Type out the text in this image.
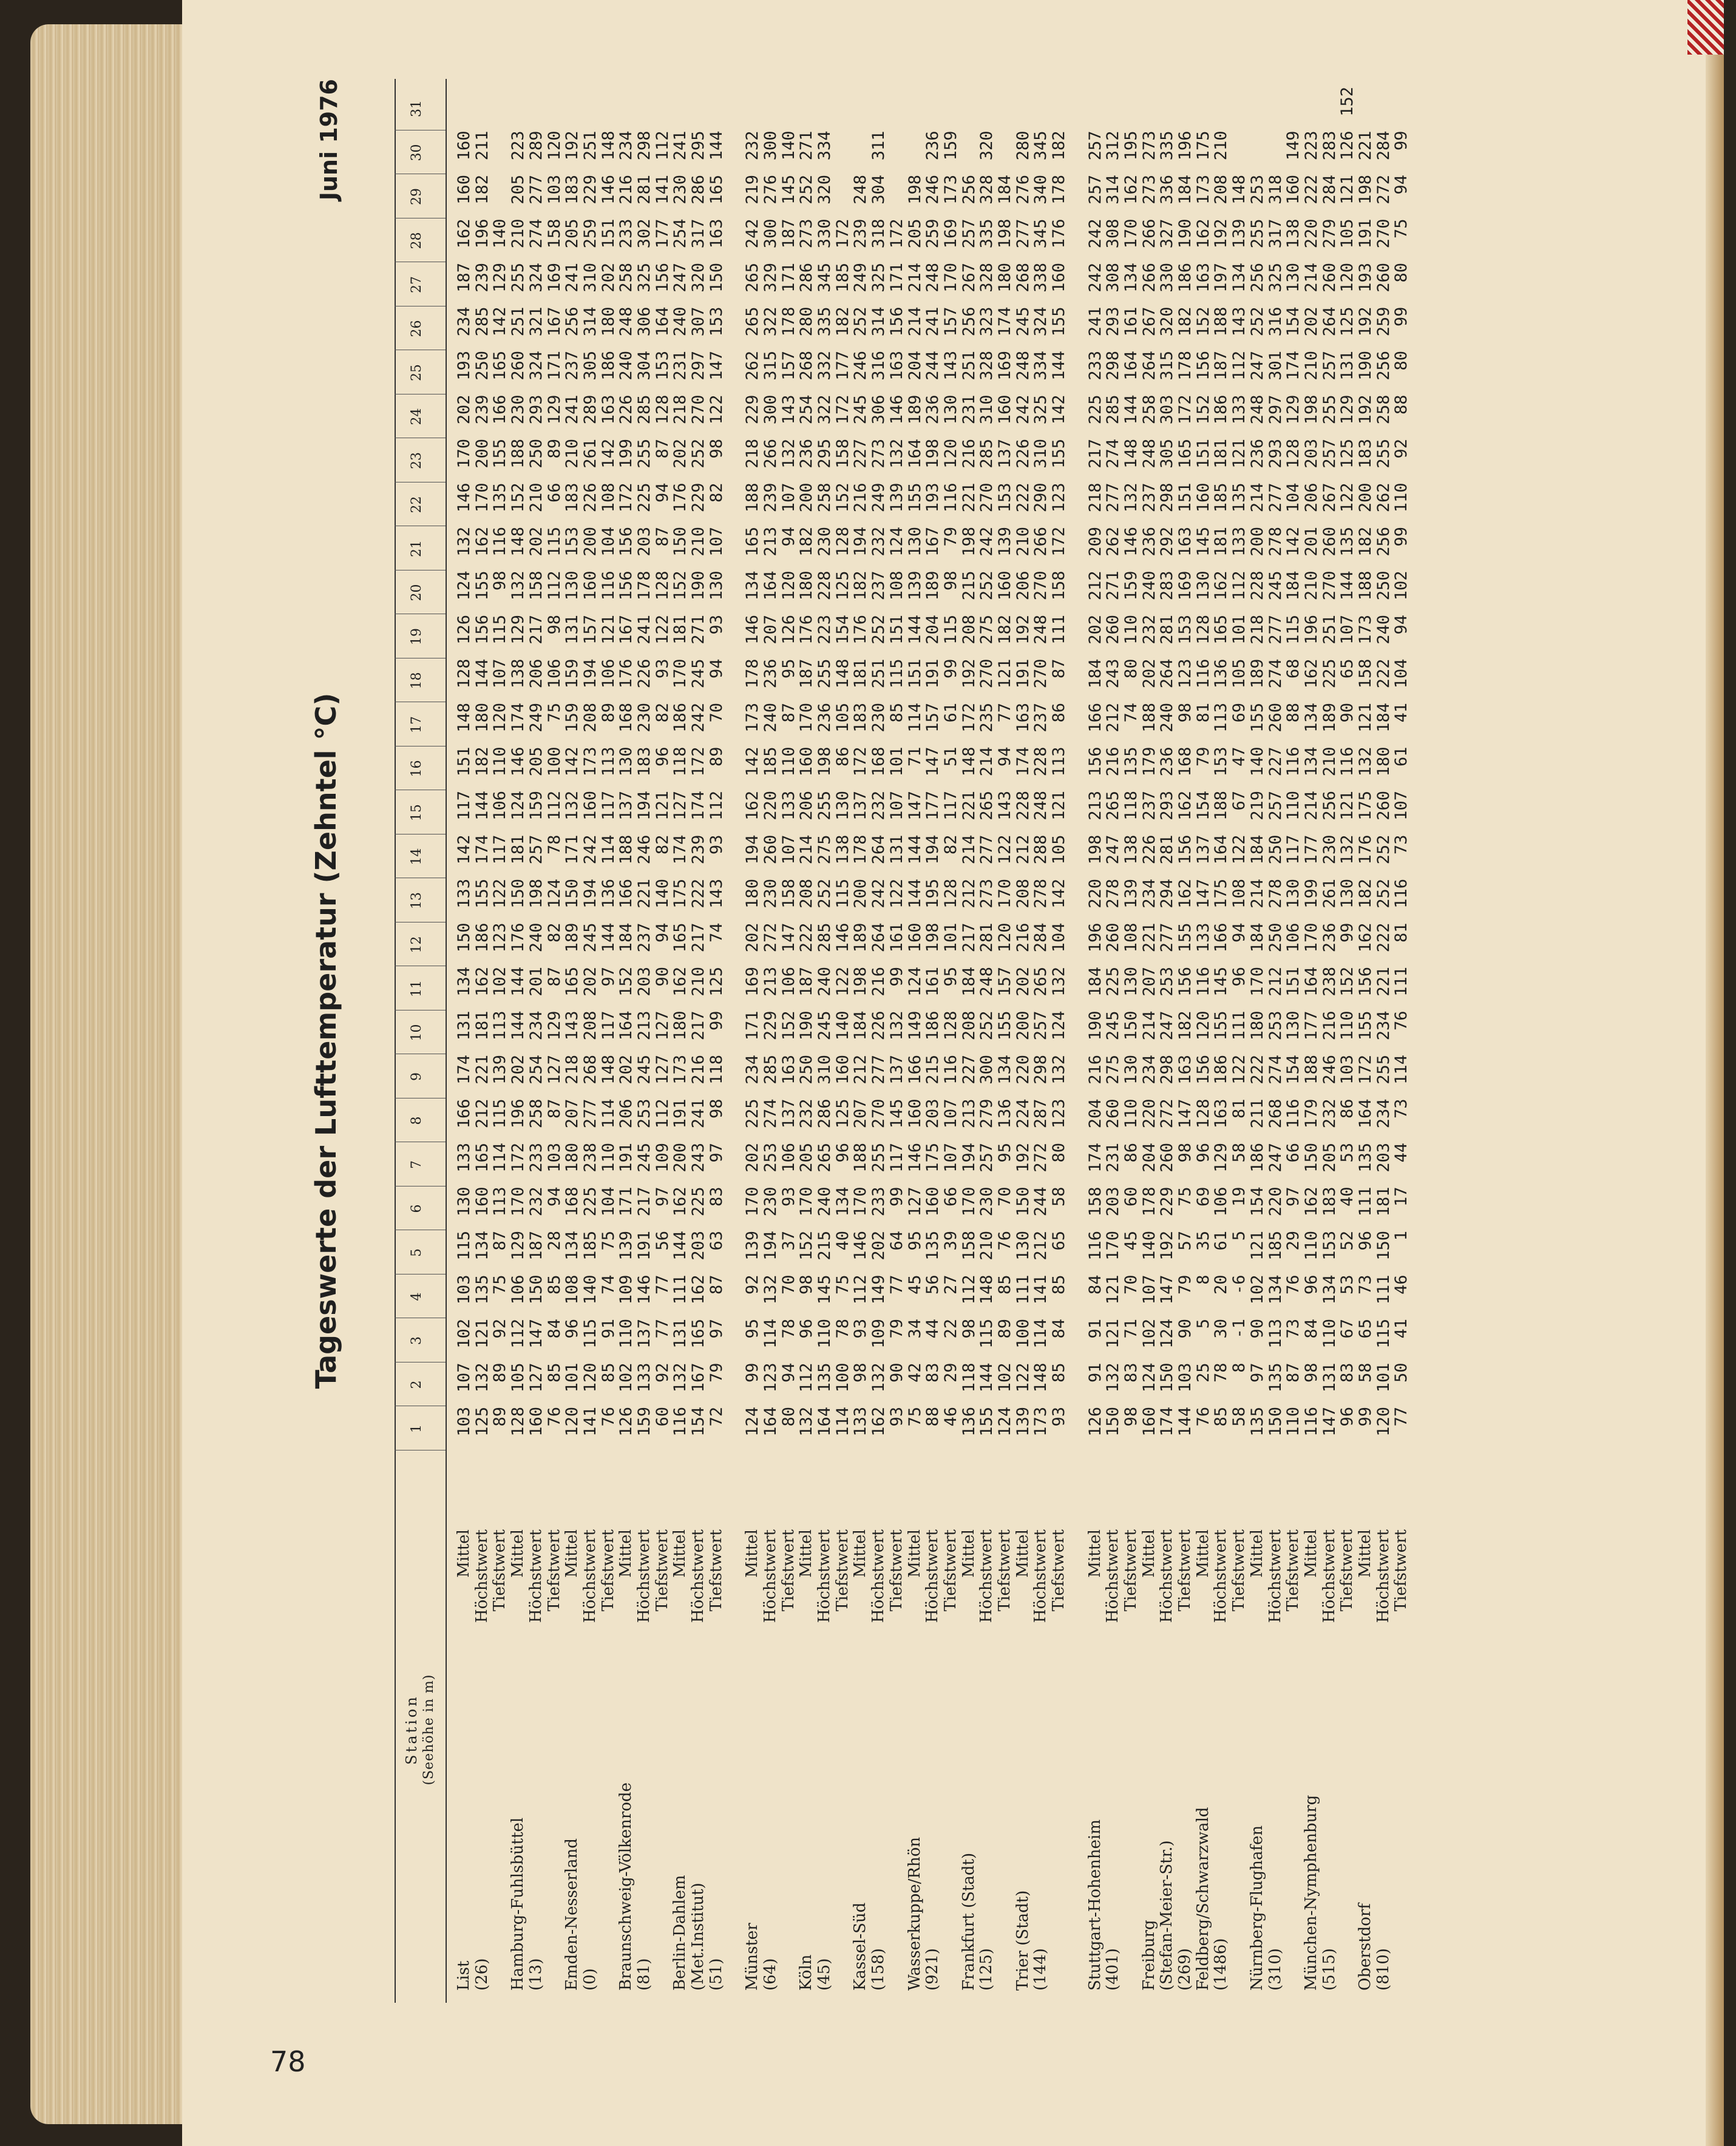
78
Tageswerte der Lufttemperatur (Zehntel °C)
Juni 1976
Station (Seehöhe in m)
1
2
3
4
5
6
7
8
9
10
11
12
13
14
15
16
17
18
19
20
21
22
23
24
25
26
27
28
29
30
31
List
Mittel
103
107
102
103
115
130
133
166
174
131
134
150
133
142
117
151
148
128
126
124
132
146
170
202
193
234
187
162
160
160
(26)
Höchstwert
125
132
121
135
134
160
165
212
221
181
162
186
155
174
144
182
180
144
156
155
162
170
200
239
250
285
239
196
182
211
Tiefstwert
89
89
92
75
87
113
114
115
139
113
102
123
122
117
106
110
120
107
115
98
116
135
155
166
165
142
129
140
Hamburg-Fuhlsbüttel
Mittel
128
105
112
106
129
170
172
196
202
144
144
176
150
181
124
146
174
138
129
132
148
152
188
230
260
251
255
210
205
223
(13)
Höchstwert
160
127
147
150
187
232
233
258
254
234
201
240
198
257
159
205
249
206
217
158
202
210
250
293
324
321
324
274
277
289
Tiefstwert
76
85
84
85
28
94
103
87
127
129
87
82
124
78
112
100
75
106
98
112
115
66
89
129
171
167
169
158
103
120
Emden-Nesserland
Mittel
120
101
96
108
134
168
180
207
218
143
165
189
150
171
132
142
159
159
131
130
153
183
210
241
237
256
241
205
183
192
(0)
Höchstwert
141
120
115
140
185
225
238
277
268
208
202
245
194
242
160
173
208
194
157
160
200
226
261
289
305
314
310
259
229
251
Tiefstwert
76
85
91
74
75
104
110
114
148
117
97
144
136
114
117
113
89
106
121
116
104
108
142
163
186
180
202
151
146
148
Braunschweig-Völkenrode
Mittel
126
102
110
109
139
171
191
206
202
164
152
184
166
188
137
130
168
176
167
156
156
172
199
226
240
248
258
233
216
234
(81)
Höchstwert
159
133
137
146
191
217
245
253
245
213
203
237
221
246
194
183
230
226
241
178
203
225
255
285
304
306
325
302
281
298
Tiefstwert
60
92
77
77
56
97
109
112
127
127
90
94
140
82
121
96
82
93
122
128
87
94
87
128
153
164
156
177
141
112
Berlin-Dahlem
Mittel
116
132
131
111
144
162
200
191
173
180
162
165
175
174
127
118
186
170
181
152
150
176
202
218
231
240
247
254
230
241
(Met.Institut)
Höchstwert
154
167
165
162
203
225
243
241
216
217
210
217
222
239
174
172
242
245
271
190
210
229
252
270
297
307
320
317
286
295
(51)
Tiefstwert
72
79
97
87
63
83
97
98
118
99
125
74
143
93
112
89
70
94
93
130
107
82
98
122
147
153
150
163
165
144
Münster
Mittel
124
99
95
92
139
170
202
225
234
171
169
202
180
194
162
142
173
178
146
134
165
188
218
229
262
265
265
242
219
232
(64)
Höchstwert
164
123
114
132
194
230
253
274
285
229
213
272
230
260
220
185
240
236
207
164
213
239
266
300
315
322
329
300
276
300
Tiefstwert
80
94
78
70
37
93
106
137
163
152
106
147
158
107
133
110
87
95
126
120
94
107
132
143
157
178
171
187
145
140
Köln
Mittel
132
112
96
98
152
170
205
232
250
190
187
222
208
214
206
160
170
187
176
180
182
200
236
254
268
280
286
273
252
271
(45)
Höchstwert
164
135
110
145
215
240
265
286
310
245
240
285
252
275
255
198
236
255
223
228
230
258
295
322
332
335
345
330
320
334
Tiefstwert
114
100
78
75
40
134
96
125
160
140
122
146
115
138
130
86
105
148
154
125
128
152
158
172
177
182
185
172
Kassel-Süd
Mittel
133
98
93
112
146
170
188
207
212
184
198
189
200
178
137
172
183
181
176
182
194
216
227
245
246
252
249
239
248
(158)
Höchstwert
162
132
109
149
202
233
255
270
277
226
216
264
242
264
232
168
230
251
252
237
232
249
273
306
316
314
325
318
304
311
Tiefstwert
93
90
79
77
64
99
117
145
137
132
99
161
122
131
107
101
85
115
151
108
124
139
132
146
163
156
171
172
Wasserkuppe/Rhön
Mittel
75
42
34
45
95
127
146
160
166
149
124
160
144
144
147
71
114
151
144
139
130
155
164
189
204
214
214
205
198
(921)
Höchstwert
88
83
44
56
135
160
175
203
215
186
161
198
195
194
177
147
157
191
204
189
167
193
198
236
244
241
248
259
246
236
Tiefstwert
46
29
22
27
39
66
107
107
116
128
95
101
128
82
117
51
61
99
115
98
79
116
120
130
143
157
170
169
173
159
Frankfurt (Stadt)
Mittel
136
118
98
112
158
170
194
213
227
208
184
217
212
214
221
148
172
192
208
215
198
221
216
231
251
256
267
257
256
(125)
Höchstwert
155
144
115
148
210
230
257
279
300
252
248
281
273
277
265
214
235
270
275
252
242
270
285
310
328
323
328
335
328
320
Tiefstwert
124
102
89
85
76
70
95
136
134
155
157
120
170
122
143
94
77
121
182
160
139
153
137
160
169
174
180
198
184
Trier (Stadt)
Mittel
139
122
100
111
130
150
192
224
220
200
202
216
208
212
228
174
163
191
192
206
210
222
226
242
248
245
268
277
276
280
(144)
Höchstwert
173
148
114
141
212
244
272
287
298
257
265
284
278
288
248
228
237
270
248
270
266
290
310
325
334
324
338
345
340
345
Tiefstwert
93
85
84
85
65
58
80
123
132
124
132
104
142
105
121
113
86
87
111
158
172
123
155
142
144
155
160
176
178
182
Stuttgart-Hohenheim
Mittel
126
91
91
84
116
158
174
204
216
190
184
196
220
198
213
156
166
184
202
212
209
218
217
225
233
241
242
242
257
257
(401)
Höchstwert
150
132
121
121
170
203
231
260
275
245
225
260
278
247
265
216
212
243
260
271
262
277
274
285
298
293
308
308
314
312
Tiefstwert
98
83
71
70
45
60
86
110
130
150
130
108
139
138
118
135
74
80
110
159
146
132
148
144
164
161
134
170
162
195
Freiburg
Mittel
160
124
102
107
140
178
204
220
234
214
207
221
234
226
237
179
188
202
232
240
236
237
248
258
264
267
266
266
273
273
(Stefan-Meier-Str.)
Höchstwert
174
150
124
147
192
229
260
272
298
247
253
277
294
281
293
236
240
264
281
283
292
298
305
303
315
320
330
327
336
335
(269)
Tiefstwert
144
103
90
79
57
75
98
147
163
182
156
155
162
156
162
168
98
123
153
169
163
151
165
172
178
182
186
190
184
196
Feldberg/Schwarzwald
Mittel
76
25
5
8
35
69
96
128
156
120
116
133
147
137
154
79
81
116
128
130
145
160
151
152
156
152
163
162
173
175
(1486)
Höchstwert
85
78
30
20
61
106
129
163
186
155
145
166
175
164
188
153
113
136
165
162
181
185
181
186
187
188
197
192
208
210
Tiefstwert
58
8
-1
-6
5
19
58
81
122
111
96
94
108
122
67
47
69
105
101
112
133
135
121
133
112
143
134
139
148
Nürnberg-Flughafen
Mittel
135
97
90
102
121
154
186
211
222
180
170
184
214
184
219
140
155
189
218
228
200
214
236
248
247
252
256
255
253
(310)
Höchstwert
150
135
113
134
185
220
247
268
274
253
212
250
278
250
257
227
260
274
277
245
278
277
293
297
301
316
325
317
318
Tiefstwert
110
87
73
76
29
97
66
116
154
130
151
106
130
117
110
116
88
68
115
184
142
104
128
129
174
154
130
138
160
149
München-Nymphenburg
Mittel
116
98
84
96
110
162
150
179
188
177
164
170
199
177
214
134
134
162
196
210
201
206
203
198
210
202
214
220
222
223
(515)
Höchstwert
147
131
110
134
153
183
205
232
246
216
238
236
261
230
256
210
189
225
251
270
260
267
257
255
257
264
260
279
284
283
Tiefstwert
96
83
67
53
52
40
53
86
103
110
152
99
130
132
121
116
90
65
107
144
135
122
125
129
131
125
120
105
121
126
152
Oberstdorf
Mittel
99
58
65
73
96
111
135
164
172
155
156
162
182
176
175
132
121
158
173
188
182
200
183
192
190
192
193
191
198
221
(810)
Höchstwert
120
101
115
111
150
181
203
234
255
234
221
222
252
252
260
180
184
222
240
250
256
262
255
258
256
259
260
270
272
284
Tiefstwert
77
50
41
46
1
17
44
73
114
76
111
81
116
73
107
61
41
104
94
102
99
110
92
88
80
99
80
75
94
99
